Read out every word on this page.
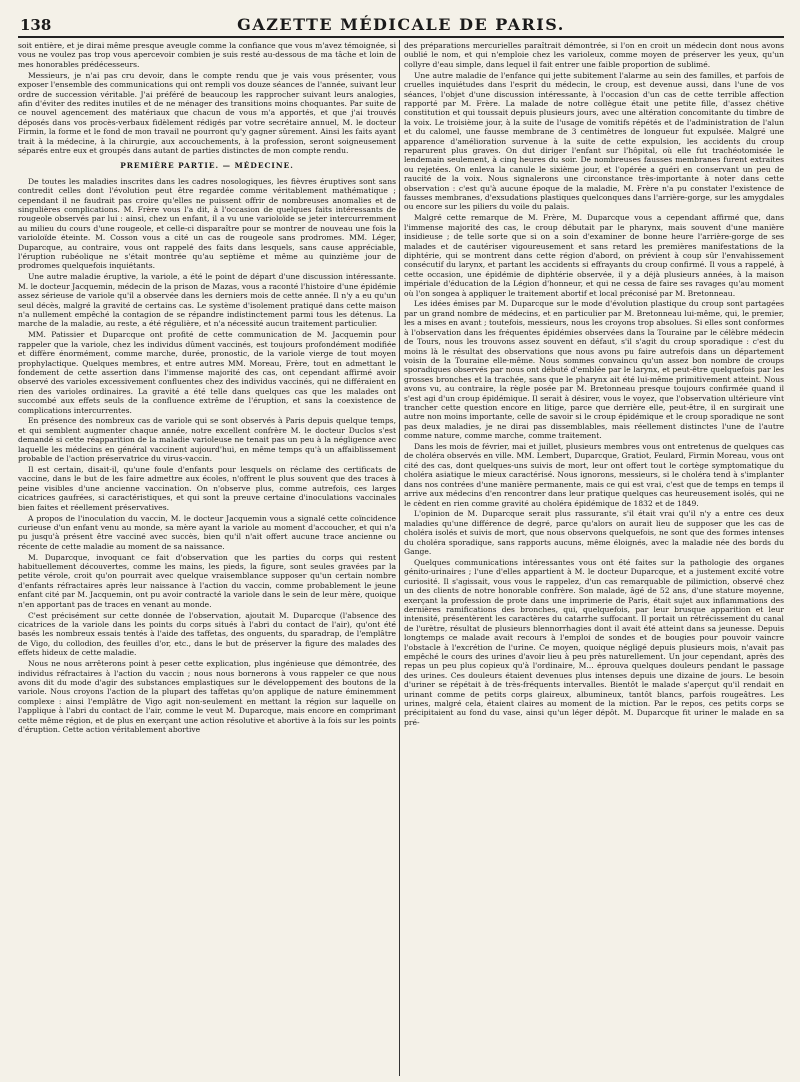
138	GAZETTE MÉDICALE DE PARIS.

soit entière, et je dirai même presque aveugle comme la confiance que vous m'avez témoignée, si vous ne voulez pas trop vous apercevoir combien je suis resté au-dessous de ma tâche et loin de mes honorables prédécesseurs.

Messieurs, je n'ai pas cru devoir, dans le compte rendu que je vais vous présenter, vous exposer l'ensemble des communications qui ont rempli vos douze séances de l'année, suivant leur ordre de succession véritable. J'ai préféré de beaucoup les rapprocher suivant leurs analogies, afin d'éviter des redites inutiles et de ne ménager des transitions moins choquantes. Par suite de ce nouvel agencement des matériaux que chacun de vous m'a apportés, et que j'ai trouvés déposés dans vos procès-verbaux fidèlement rédigés par votre secrétaire annuel, M. le docteur Firmin, la forme et le fond de mon travail ne pourront qu'y gagner sûrement. Ainsi les faits ayant trait à la médecine, à la chirurgie, aux accouchements, à la profession, seront soigneusement séparés entre eux et groupés dans autant de parties distinctes de mon compte rendu.

PREMIÈRE PARTIE. — MÉDECINE.

De toutes les maladies inscrites dans les cadres nosologiques, les fièvres éruptives sont sans contredit celles dont l'évolution peut être regardée comme véritablement mathématique ; cependant il ne faudrait pas croire qu'elles ne puissent offrir de nombreuses anomalies et de singulières complications. M. Frère vous l'a dit, à l'occasion de quelques faits intéressants de rougeole observés par lui : ainsi, chez un enfant, il a vu une varioloïde se jeter intercurremment au milieu du cours d'une rougeole, et celle-ci disparaître pour se montrer de nouveau une fois la varioloïde éteinte. M. Cosson vous a cité un cas de rougeole sans prodromes. MM. Léger, Duparcque, au contraire, vous ont rappelé des faits dans lesquels, sans cause appréciable, l'éruption rubéolique ne s'était montrée qu'au septième et même au quinzième jour de prodromes quelquefois inquiétants.

Une autre maladie éruptive, la variole, a été le point de départ d'une discussion intéressante. M. le docteur Jacquemin, médecin de la prison de Mazas, vous a raconté l'histoire d'une épidémie assez sérieuse de variole qu'il a observée dans les derniers mois de cette année. Il n'y a eu qu'un seul décès, malgré la gravité de certains cas. Le système d'isolement pratiqué dans cette maison n'a nullement empêché la contagion de se répandre indistinctement parmi tous les détenus. La marche de la maladie, au reste, a été régulière, et n'a nécessité aucun traitement particulier.

MM. Patissier et Duparcque ont profité de cette communication de M. Jacquemin pour rappeler que la variole, chez les individus dûment vaccinés, est toujours profondément modifiée et diffère énormément, comme marche, durée, pronostic, de la variole vierge de tout moyen prophylactique. Quelques membres, et entre autres MM. Moreau, Frère, tout en admettant le fondement de cette assertion dans l'immense majorité des cas, ont cependant affirmé avoir observé des varioles excessivement confluentes chez des individus vaccinés, qui ne différaient en rien des varioles ordinaires. La gravité a été telle dans quelques cas que les malades ont succombé aux effets seuls de la confluence extrême de l'éruption, et sans la coexistence de complications intercurrentes.

En présence des nombreux cas de variole qui se sont observés à Paris depuis quelque temps, et qui semblent augmenter chaque année, notre excellent confrère M. le docteur Duclos s'est demandé si cette réapparition de la maladie varioleuse ne tenait pas un peu à la négligence avec laquelle les médecins en général vaccinent aujourd'hui, en même temps qu'à un affaiblissement probable de l'action préservatrice du virus-vaccin.

Il est certain, disait-il, qu'une foule d'enfants pour lesquels on réclame des certificats de vaccine, dans le but de les faire admettre aux écoles, n'offrent le plus souvent que des traces à peine visibles d'une ancienne vaccination. On n'observe plus, comme autrefois, ces larges cicatrices gaufrées, si caractéristiques, et qui sont la preuve certaine d'inoculations vaccinales bien faites et réellement préservatives.

A propos de l'inoculation du vaccin, M. le docteur Jacquemin vous a signalé cette coïncidence curieuse d'un enfant venu au monde, sa mère ayant la variole au moment d'accoucher, et qui n'a pu jusqu'à présent être vacciné avec succès, bien qu'il n'ait offert aucune trace ancienne ou récente de cette maladie au moment de sa naissance.

M. Duparcque, invoquant ce fait d'observation que les parties du corps qui restent habituellement découvertes, comme les mains, les pieds, la figure, sont seules gravées par la petite vérole, croit qu'on pourrait avec quelque vraisemblance supposer qu'un certain nombre d'enfants réfractaires après leur naissance à l'action du vaccin, comme probablement le jeune enfant cité par M. Jacquemin, ont pu avoir contracté la variole dans le sein de leur mère, quoique n'en apportant pas de traces en venant au monde.

C'est précisément sur cette donnée de l'observation, ajoutait M. Duparcque (l'absence des cicatrices de la variole dans les points du corps situés à l'abri du contact de l'air), qu'ont été basés les nombreux essais tentés à l'aide des taffetas, des onguents, du sparadrap, de l'emplâtre de Vigo, du collodion, des feuilles d'or, etc., dans le but de préserver la figure des malades des effets hideux de cette maladie.

Nous ne nous arrêterons point à peser cette explication, plus ingénieuse que démontrée, des individus réfractaires à l'action du vaccin ; nous nous bornerons à vous rappeler ce que nous avons dit du mode d'agir des substances emplastiques sur le développement des boutons de la variole. Nous croyons l'action de la plupart des taffetas qu'on applique de nature éminemment complexe : ainsi l'emplâtre de Vigo agit non-seulement en mettant la région sur laquelle on l'applique à l'abri du contact de l'air, comme le veut M. Duparcque, mais encore en comprimant cette même région, et de plus en exerçant une action résolutive et abortive à la fois sur les points d'éruption. Cette action véritablement abortive

des préparations mercurielles paraîtrait démontrée, si l'on en croit un médecin dont nous avons oublié le nom, et qui n'emploie chez les varioleux, comme moyen de préserver les yeux, qu'un collyre d'eau simple, dans lequel il fait entrer une faible proportion de sublimé.

Une autre maladie de l'enfance qui jette subitement l'alarme au sein des familles, et parfois de cruelles inquiétudes dans l'esprit du médecin, le croup, est devenue aussi, dans l'une de vos séances, l'objet d'une discussion intéressante, à l'occasion d'un cas de cette terrible affection rapporté par M. Frère. La malade de notre collègue était une petite fille, d'assez chétive constitution et qui toussait depuis plusieurs jours, avec une altération concomitante du timbre de la voix. Le troisième jour, à la suite de l'usage de vomitifs répétés et de l'administration de l'alun et du calomel, une fausse membrane de 3 centimètres de longueur fut expulsée. Malgré une apparence d'amélioration survenue à la suite de cette expulsion, les accidents du croup reparurent plus graves. On dut diriger l'enfant sur l'hôpital, où elle fut trachéotomisée le lendemain seulement, à cinq heures du soir. De nombreuses fausses membranes furent extraites ou rejetées. On enleva la canule le sixième jour, et l'opérée a guéri en conservant un peu de raucité de la voix. Nous signalerons une circonstance très-importante à noter dans cette observation : c'est qu'à aucune époque de la maladie, M. Frère n'a pu constater l'existence de fausses membranes, d'exsudations plastiques quelconques dans l'arrière-gorge, sur les amygdales ou encore sur les piliers du voile du palais.

Malgré cette remarque de M. Frère, M. Duparcque vous a cependant affirmé que, dans l'immense majorité des cas, le croup débutait par le pharynx, mais souvent d'une manière insidieuse ; de telle sorte que si on a soin d'examiner de bonne heure l'arrière-gorge de ses malades et de cautériser vigoureusement et sans retard les premières manifestations de la diphtérie, qui se montrent dans cette région d'abord, on prévient à coup sûr l'envahissement consécutif du larynx, et partant les accidents si effrayants du croup confirmé. Il vous a rappelé, à cette occasion, une épidémie de diphtérie observée, il y a déjà plusieurs années, à la maison impériale d'éducation de la Légion d'honneur, et qui ne cessa de faire ses ravages qu'au moment où l'on songea à appliquer le traitement abortif et local préconisé par M. Bretonneau.

Les idées émises par M. Duparcque sur le mode d'évolution plastique du croup sont partagées par un grand nombre de médecins, et en particulier par M. Bretonneau lui-même, qui, le premier, les a mises en avant ; toutefois, messieurs, nous les croyons trop absolues. Si elles sont conformes à l'observation dans les fréquentes épidémies observées dans la Touraine par le célèbre médecin de Tours, nous les trouvons assez souvent en défaut, s'il s'agit du croup sporadique : c'est du moins là le résultat des observations que nous avons pu faire autrefois dans un département voisin de la Touraine elle-même. Nous sommes convaincu qu'un assez bon nombre de croups sporadiques observés par nous ont débuté d'emblée par le larynx, et peut-être quelquefois par les grosses bronches et la trachée, sans que le pharynx ait été lui-même primitivement atteint. Nous avons vu, au contraire, la règle posée par M. Bretonneau presque toujours confirmée quand il s'est agi d'un croup épidémique. Il serait à désirer, vous le voyez, que l'observation ultérieure vînt trancher cette question encore en litige, parce que derrière elle, peut-être, il en surgirait une autre non moins importante, celle de savoir si le croup épidémique et le croup sporadique ne sont pas deux maladies, je ne dirai pas dissemblables, mais réellement distinctes l'une de l'autre comme nature, comme marche, comme traitement.

Dans les mois de février, mai et juillet, plusieurs membres vous ont entretenus de quelques cas de choléra observés en ville. MM. Lembert, Duparcque, Gratiot, Feulard, Firmin Moreau, vous ont cité des cas, dont quelques-uns suivis de mort, leur ont offert tout le cortège symptomatique du choléra asiatique le mieux caractérisé. Nous ignorons, messieurs, si le choléra tend à s'implanter dans nos contrées d'une manière permanente, mais ce qui est vrai, c'est que de temps en temps il arrive aux médecins d'en rencontrer dans leur pratique quelques cas heureusement isolés, qui ne le cèdent en rien comme gravité au choléra épidémique de 1832 et de 1849.

L'opinion de M. Duparcque serait plus rassurante, s'il était vrai qu'il n'y a entre ces deux maladies qu'une différence de degré, parce qu'alors on aurait lieu de supposer que les cas de choléra isolés et suivis de mort, que nous observons quelquefois, ne sont que des formes intenses du choléra sporadique, sans rapports aucuns, même éloignés, avec la maladie née des bords du Gange.

Quelques communications intéressantes vous ont été faites sur la pathologie des organes génito-urinaires ; l'une d'elles appartient à M. le docteur Duparcque, et a justement excité votre curiosité. Il s'agissait, vous vous le rappelez, d'un cas remarquable de pilimiction, observé chez un des clients de notre honorable confrère. Son malade, âgé de 52 ans, d'une stature moyenne, exerçant la profession de prote dans une imprimerie de Paris, était sujet aux inflammations des dernières ramifications des bronches, qui, quelquefois, par leur brusque apparition et leur intensité, présentèrent les caractères du catarrhe suffocant. Il portait un rétrécissement du canal de l'urètre, résultat de plusieurs blennorrhagies dont il avait été atteint dans sa jeunesse. Depuis longtemps ce malade avait recours à l'emploi de sondes et de bougies pour pouvoir vaincre l'obstacle à l'excrétion de l'urine. Ce moyen, quoique négligé depuis plusieurs mois, n'avait pas empêché le cours des urines d'avoir lieu à peu près naturellement. Un jour cependant, après des repas un peu plus copieux qu'à l'ordinaire, M... éprouva quelques douleurs pendant le passage des urines. Ces douleurs étaient devenues plus intenses depuis une dizaine de jours. Le besoin d'uriner se répétait à de très-fréquents intervalles. Bientôt le malade s'aperçut qu'il rendait en urinant comme de petits corps glaireux, albumineux, tantôt blancs, parfois rougeâtres. Les urines, malgré cela, étaient claires au moment de la miction. Par le repos, ces petits corps se précipitaient au fond du vase, ainsi qu'un léger dépôt. M. Duparcque fit uriner le malade en sa pré-
